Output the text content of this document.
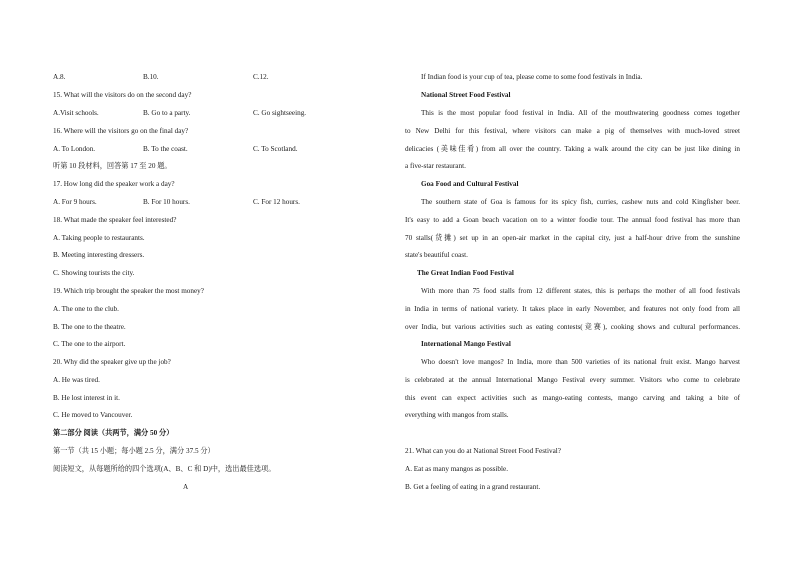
A.8.	B.10.	C.12.
15. What will the visitors do on the second day?
A.Visit schools.	B. Go to a party.	C. Go sightseeing.
16. Where will the visitors go on the final day?
A. To London.	B. To the coast.	C. To Scotland.
听第 10 段材料，回答第 17 至 20 题。
17. How long did the speaker work a day?
A. For 9 hours.	B. For 10 hours.	C. For 12 hours.
18. What made the speaker feel interested?
A. Taking people to restaurants.
B. Meeting interesting dressers.
C. Showing tourists the city.
19. Which trip brought the speaker the most money?
A. The one to the club.
B. The one to the theatre.
C. The one to the airport.
20. Why did the speaker give up the job?
A. He was tired.
B. He lost interest in it.
C. He moved to Vancouver.
第二部分 阅读（共两节，满分 50 分）
第一节（共 15 小题；每小题 2.5 分，满分 37.5 分）
阅读短文，从每题所给的四个选项(A、B、C 和 D)中，选出最佳选项。
A
If Indian food is your cup of tea, please come to some food festivals in India.
National Street Food Festival
This is the most popular food festival in India. All of the mouthwatering goodness comes together
to New Delhi for this festival, where visitors can make a pig of themselves with much-loved street
delicacies (美味佳肴) from all over the country. Taking a walk around the city can be just like dining in
a five-star restaurant.
Goa Food and Cultural Festival
The southern state of Goa is famous for its spicy fish, curries, cashew nuts and cold Kingfisher beer.
It's easy to add a Goan beach vacation on to a winter foodie tour. The annual food festival has more than
70 stalls(货摊) set up in an open-air market in the capital city, just a half-hour drive from the sunshine
state's beautiful coast.
The Great Indian Food Festival
With more than 75 food stalls from 12 different states, this is perhaps the mother of all food festivals
in India in terms of national variety. It takes place in early November, and features not only food from all
over India, but various activities such as eating contests(竞赛), cooking shows and cultural performances.
International Mango Festival
Who doesn't love mangos? In India, more than 500 varieties of its national fruit exist. Mango harvest
is celebrated at the annual International Mango Festival every summer. Visitors who come to celebrate
this event can expect activities such as mango-eating contests, mango carving and taking a bite of
everything with mangos from stalls.
21. What can you do at National Street Food Festival?
A. Eat as many mangos as possible.
B. Get a feeling of eating in a grand restaurant.
